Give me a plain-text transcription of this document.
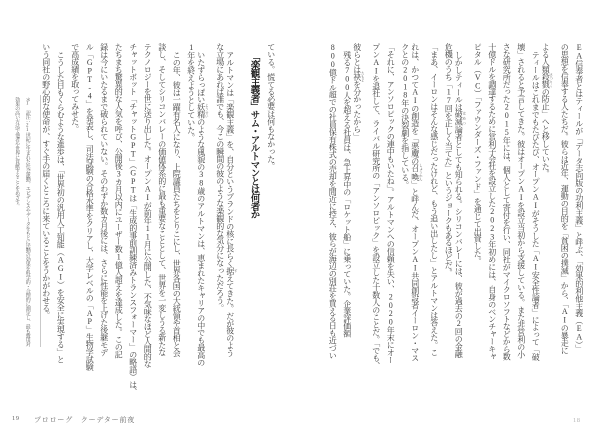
EA信奉者とはティールが「データ志向版の功利主義」と呼ぶ、「効果的利他主義（EA）」
の思想を信奉する人たちだ。彼らは近年、運動の目的を「貧困の撲滅」から、「AIの暴走に
よる人類殺戮 さつりくの防止」へと移していた。
ティールはこれまでもたびたび、オープンAIがそうした「AI安全性論者」によって「破
壊」されると予言してきた。彼はオープンAIを設立当初から支援している。また非営利の小
さな研究所だった2015年には、個人として寄付を行い、同社がマイクロソフトなどから数
十億ドルを調達するために営利子会社を設立した2023年初めには、自身のベンチャーキャ
ピタル（VC）「ファウンダーズ・ファンド」を通じて出資した。
しかしティールは破滅 はめつ論者としても知られる。シリコンバレーには、彼が過去の2回の金融
危機のうち「17回を正しく当てた」というジョークもあるほどだ。
「まあ、イーロンはそんな感じだったけれど、もう追い出したし」とアルトマンは答えた。こ
れは、かつてAIの創造を「悪魔の召喚 しょうかん」と呼んだ、オープンAI共同創設者イーロン・マス
クとの2018年の決裂劇を指している。
「それに、アンソロピックの連中もいたね」。アルトマンへの信頼を失い、2020年末にオー
プンAIを退社して、ライバル研究所の「アンソロピック」を設立した十数人のことだ。「でも、
彼らとは袂 たもとを分かったから」
残る700人を超える社員は、急上昇中の「ロケット船」に乗っていた。企業評価額
800億ドル超での社員保有株式の売却を間近に控え、彼らが海辺の別荘を買える日も近づい
18
ている。慌てる必要は何もなかった。
「楽観主義者」サム・アルトマンとは何者か
アルトマンは「楽観主義」を、自分というブランドの核に長らく据 すえてきた。だが彼のよう
な立場にあれば誰でも、今この瞬間の彼のような楽観的な気分になっただろう。
いたずらっぽい妖精 ようせいのような風貌の38歳のアルトマンは、恵まれたキャリアの中でも最高の
1年を終えようとしていた。
この年、彼は一躍有名人になり、上院議員たちをとりこにし、世界各国の大統領や首相と会
談し、そしてシリコンバレーの価値体系的に最も重要なこととして、世界を一変しうる新たな
テクノロジーを世に送り出した。オープンAIが前年11月に公開した、不気味なほど人間的な
チャットボット「チャットGPT」（GPTは「生成的事前訓練済みトランスフォーマー」の略語）は、
たちまち驚異的な人気を呼び、公開後3カ月以内にユーザー数1億人超えを達成した。この記
録は今にいたるまで破られていない。そのわずか数カ月後には、さらに性能を上げた後継モデ
ル「GPT-4」を発表し、司法試験の合格水準をクリアし、大学レベルの「AP」生物学試験
で高成績を取ってみせた。
こうした目もくらむような進歩は、「世界初の汎用人工知能（AGI）を安全に実現する」と
いう同社の野心的な使命が、すぐ手の届くところに来ていることをうかがわせる。
＊1 訳注：21世紀に生まれた社会運動。エビデンスやデータをもとに活動の効果を科学的・合理的に測定し、最も費用対
効果の高い方法で他者や世界に貢献することをめざす。
19 プロローグ　クーデター前夜
